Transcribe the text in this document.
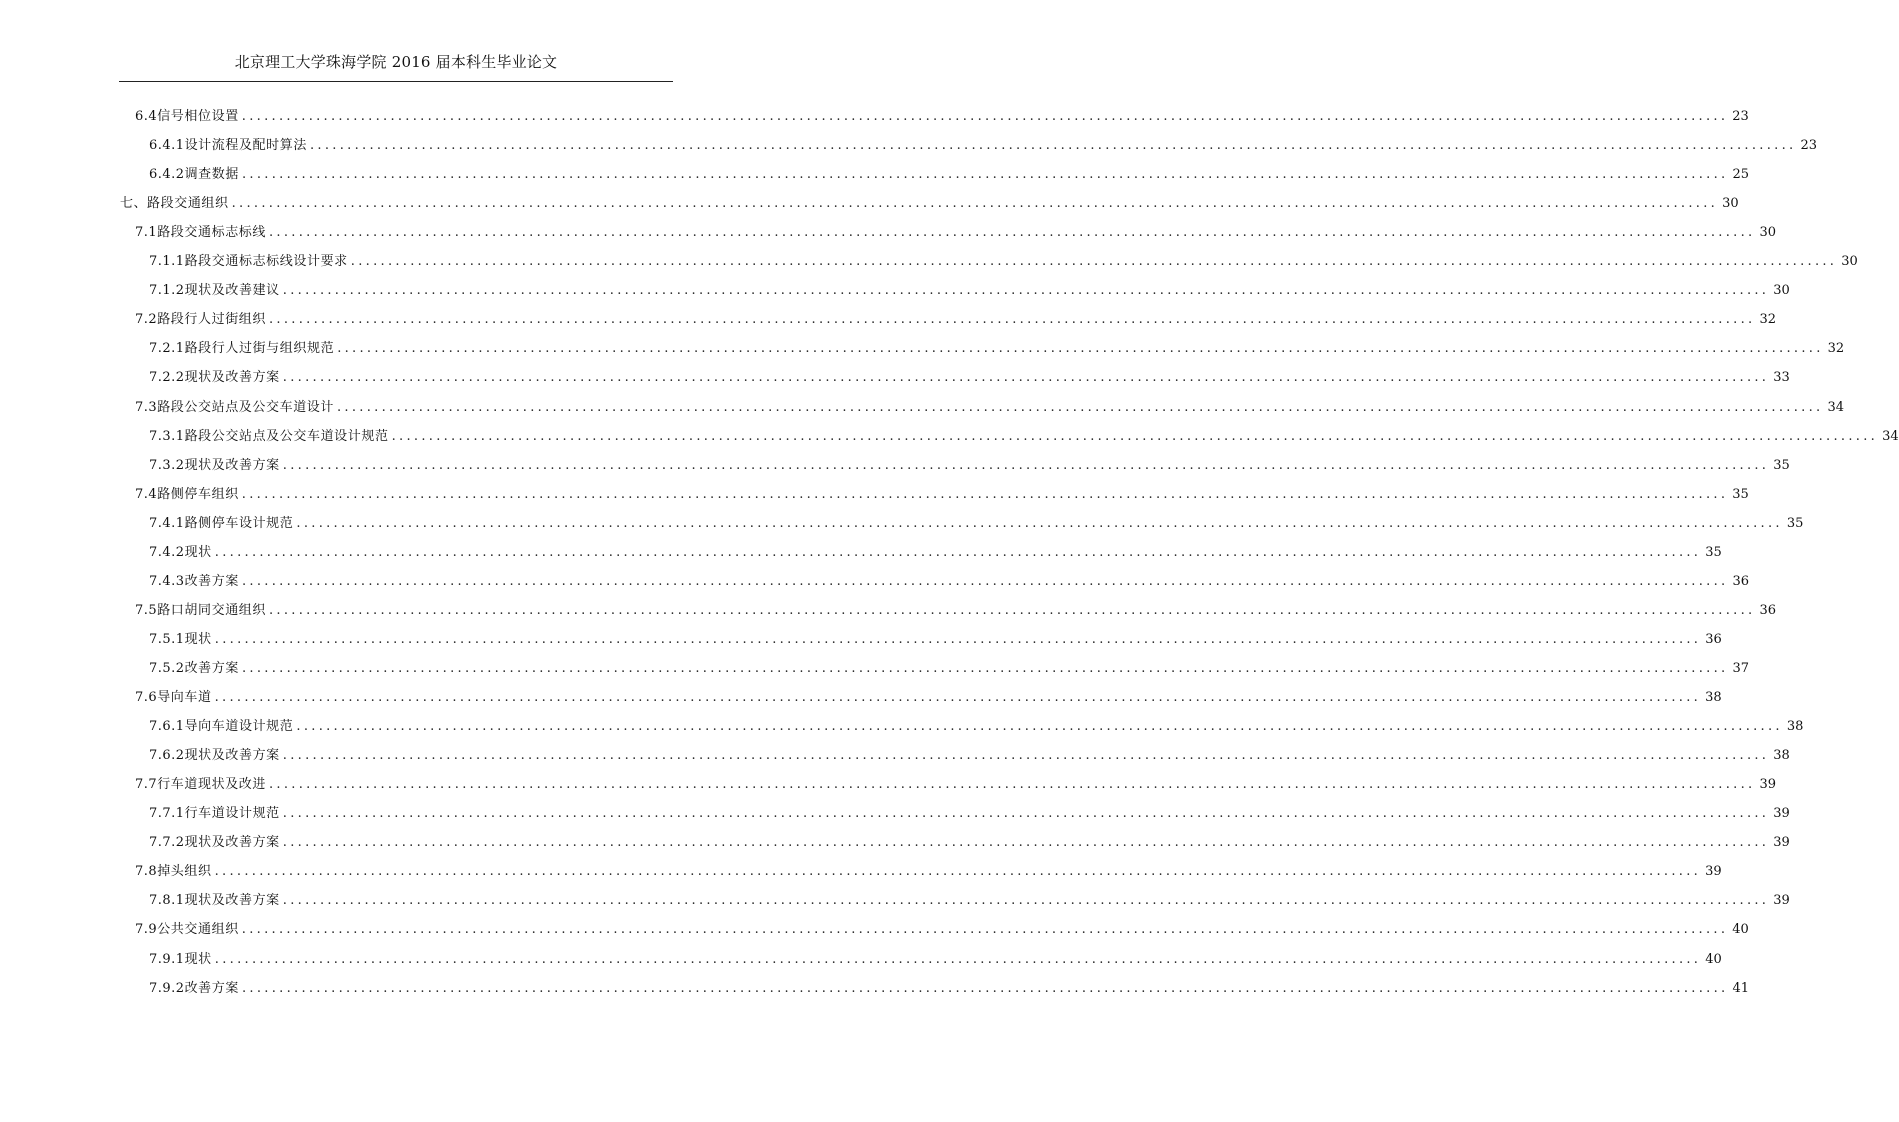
北京理工大学珠海学院 2016 届本科生毕业论文
6.4 信号相位设置 ........................................................................................................................................................................................................ 23
6.4.1 设计流程及配时算法 ........................................................................................................................................................................................................ 23
6.4.2 调查数据 ........................................................................................................................................................................................................ 25
七、 路段交通组织 ........................................................................................................................................................................................................ 30
7.1 路段交通标志标线 ........................................................................................................................................................................................................ 30
7.1.1 路段交通标志标线设计要求 ........................................................................................................................................................................................................ 30
7.1.2 现状及改善建议 ........................................................................................................................................................................................................ 30
7.2 路段行人过街组织 ........................................................................................................................................................................................................ 32
7.2.1 路段行人过街与组织规范 ........................................................................................................................................................................................................ 32
7.2.2 现状及改善方案 ........................................................................................................................................................................................................ 33
7.3 路段公交站点及公交车道设计 ........................................................................................................................................................................................................ 34
7.3.1 路段公交站点及公交车道设计规范 ........................................................................................................................................................................................................ 34
7.3.2 现状及改善方案 ........................................................................................................................................................................................................ 35
7.4 路侧停车组织 ........................................................................................................................................................................................................ 35
7.4.1 路侧停车设计规范 ........................................................................................................................................................................................................ 35
7.4.2 现状 ........................................................................................................................................................................................................ 35
7.4.3 改善方案 ........................................................................................................................................................................................................ 36
7.5 路口胡同交通组织 ........................................................................................................................................................................................................ 36
7.5.1 现状 ........................................................................................................................................................................................................ 36
7.5.2 改善方案 ........................................................................................................................................................................................................ 37
7.6 导向车道 ........................................................................................................................................................................................................ 38
7.6.1 导向车道设计规范 ........................................................................................................................................................................................................ 38
7.6.2 现状及改善方案 ........................................................................................................................................................................................................ 38
7.7 行车道现状及改进 ........................................................................................................................................................................................................ 39
7.7.1 行车道设计规范 ........................................................................................................................................................................................................ 39
7.7.2 现状及改善方案 ........................................................................................................................................................................................................ 39
7.8 掉头组织 ........................................................................................................................................................................................................ 39
7.8.1 现状及改善方案 ........................................................................................................................................................................................................ 39
7.9 公共交通组织 ........................................................................................................................................................................................................ 40
7.9.1 现状 ........................................................................................................................................................................................................ 40
7.9.2 改善方案 ........................................................................................................................................................................................................ 41
